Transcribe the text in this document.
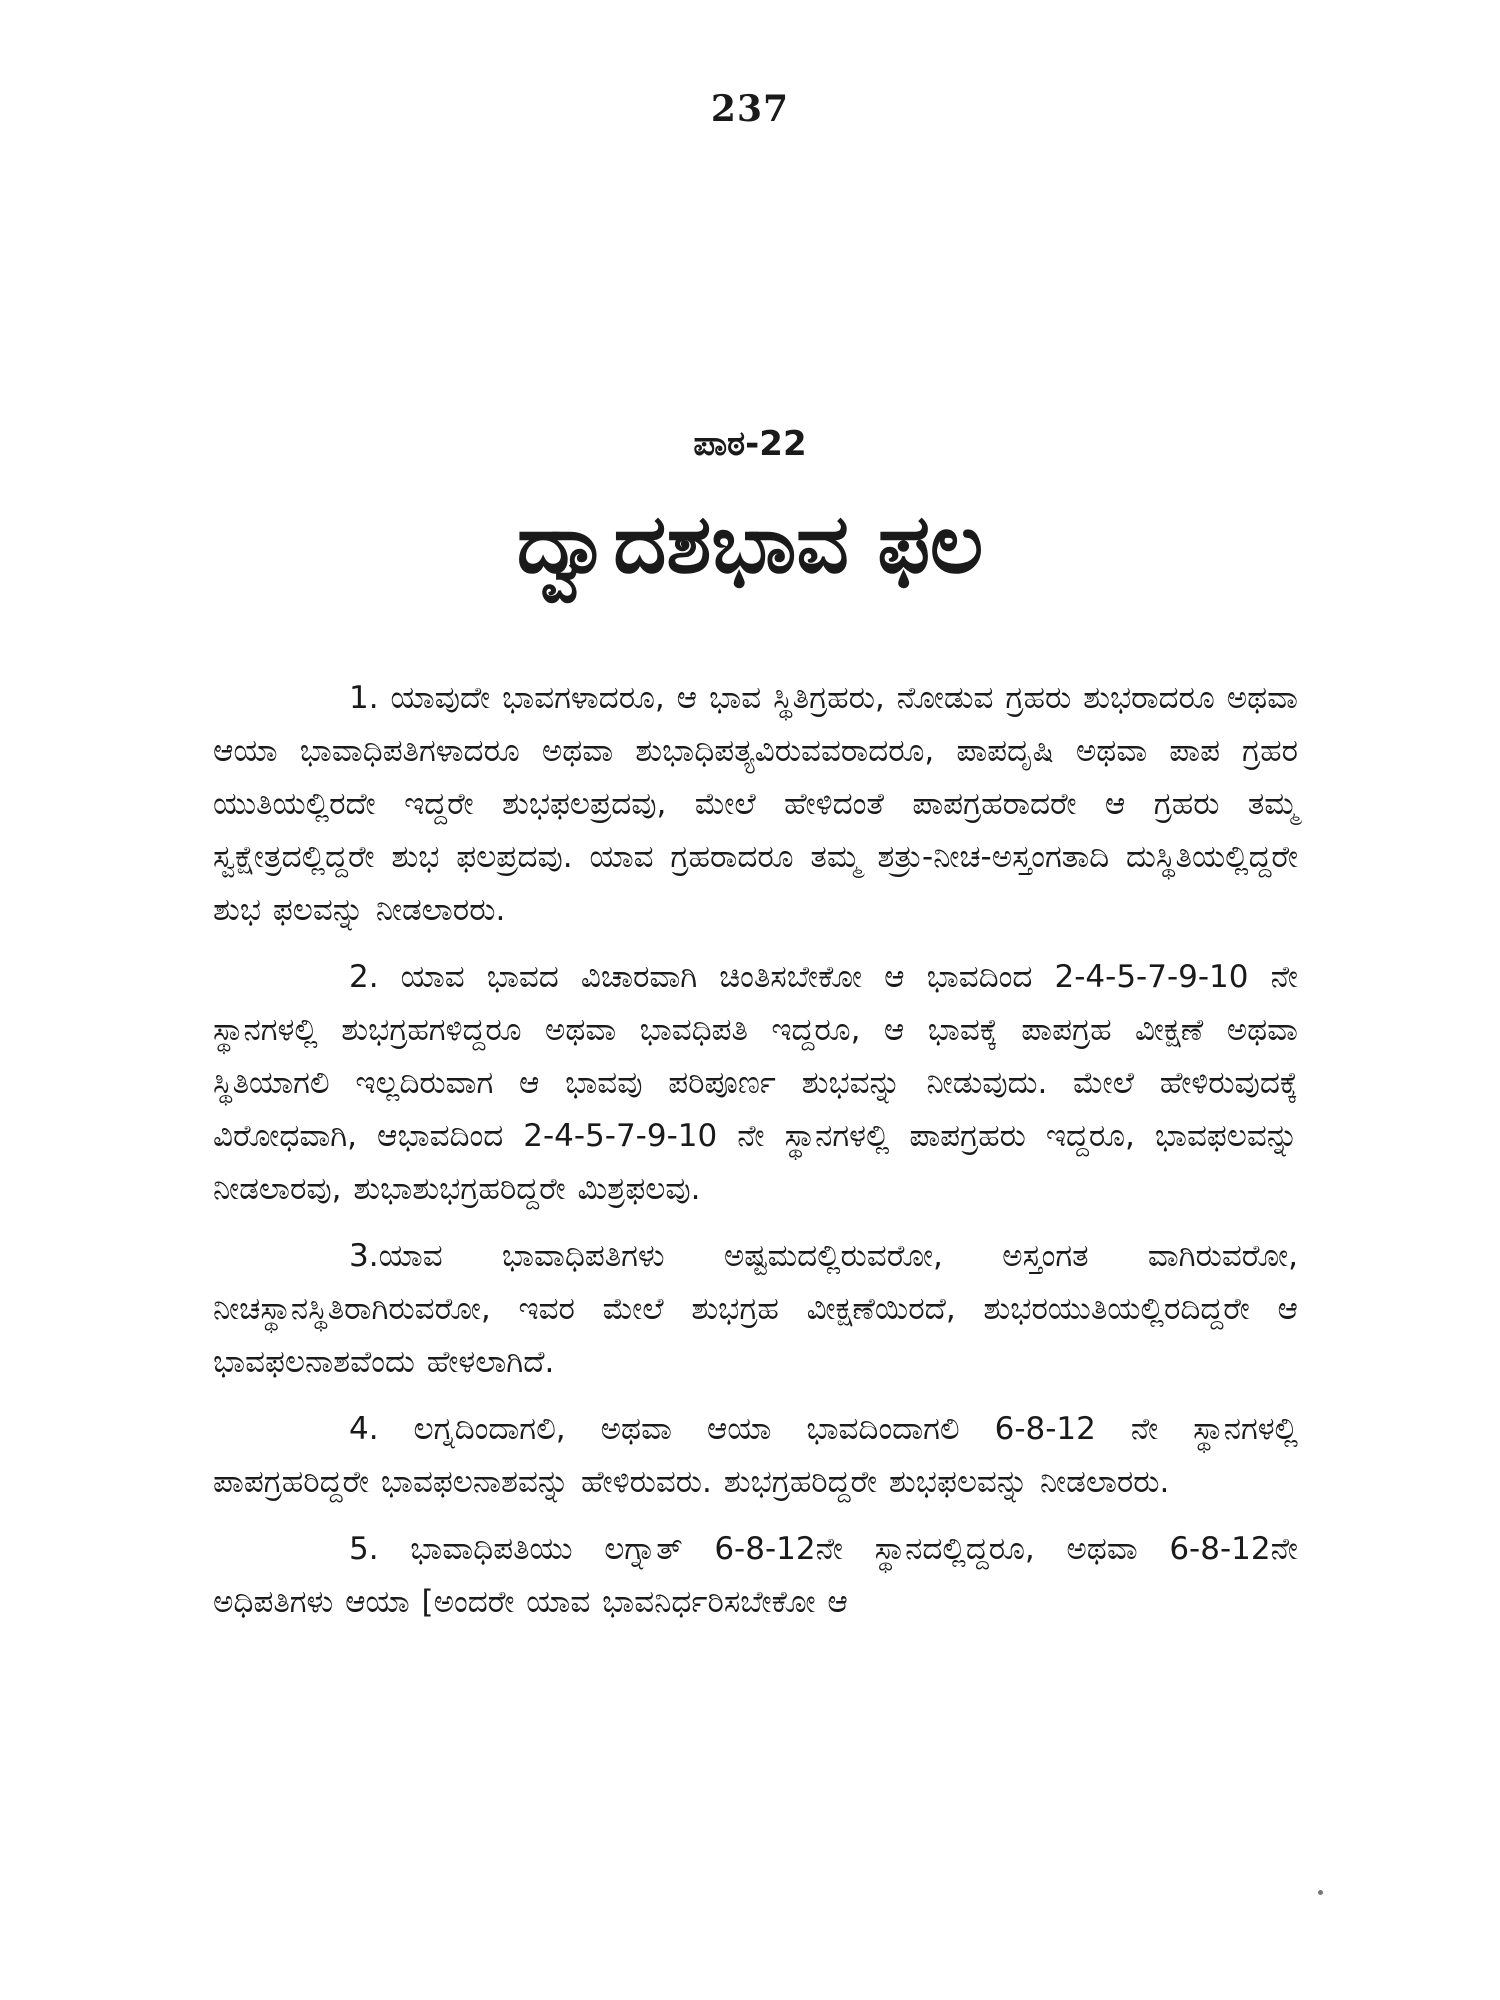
237
ಪಾಠ-22
ದ್ವಾದಶಭಾವ ಫಲ

1. ಯಾವುದೇ ಭಾವಗಳಾದರೂ, ಆ ಭಾವ ಸ್ಥಿತಿಗ್ರಹರು, ನೋಡುವ ಗ್ರಹರು ಶುಭರಾದರೂ ಅಥವಾ ಆಯಾ ಭಾವಾಧಿಪತಿಗಳಾದರೂ ಅಥವಾ ಶುಭಾಧಿಪತ್ಯವಿರುವವರಾದರೂ, ಪಾಪದೃಷಿ ಅಥವಾ ಪಾಪ ಗ್ರಹರ ಯುತಿಯಲ್ಲಿರದೇ ಇದ್ದರೇ ಶುಭಫಲಪ್ರದವು, ಮೇಲೆ ಹೇಳಿದಂತೆ ಪಾಪಗ್ರಹರಾದರೇ ಆ ಗ್ರಹರು ತಮ್ಮ ಸ್ವಕ್ಷೇತ್ರದಲ್ಲಿದ್ದರೇ ಶುಭ ಫಲಪ್ರದವು. ಯಾವ ಗ್ರಹರಾದರೂ ತಮ್ಮ ಶತ್ರು-ನೀಚ-ಅಸ್ತಂಗತಾದಿ ದುಸ್ಥಿತಿಯಲ್ಲಿದ್ದರೇ ಶುಭ ಫಲವನ್ನು ನೀಡಲಾರರು.

2. ಯಾವ ಭಾವದ ವಿಚಾರವಾಗಿ ಚಿಂತಿಸಬೇಕೋ ಆ ಭಾವದಿಂದ 2-4-5-7-9-10 ನೇ ಸ್ಥಾನಗಳಲ್ಲಿ ಶುಭಗ್ರಹಗಳಿದ್ದರೂ ಅಥವಾ ಭಾವಧಿಪತಿ ಇದ್ದರೂ, ಆ ಭಾವಕ್ಕೆ ಪಾಪಗ್ರಹ ವೀಕ್ಷಣೆ ಅಥವಾ ಸ್ಥಿತಿಯಾಗಲಿ ಇಲ್ಲದಿರುವಾಗ ಆ ಭಾವವು ಪರಿಪೂರ್ಣ ಶುಭವನ್ನು ನೀಡುವುದು. ಮೇಲೆ ಹೇಳಿರುವುದಕ್ಕೆ ವಿರೋಧವಾಗಿ, ಆಭಾವದಿಂದ 2-4-5-7-9-10 ನೇ ಸ್ಥಾನಗಳಲ್ಲಿ ಪಾಪಗ್ರಹರು ಇದ್ದರೂ, ಭಾವಫಲವನ್ನು ನೀಡಲಾರವು, ಶುಭಾಶುಭಗ್ರಹರಿದ್ದರೇ ಮಿಶ್ರಫಲವು.

3.ಯಾವ ಭಾವಾಧಿಪತಿಗಳು ಅಷ್ಟಮದಲ್ಲಿರುವರೋ, ಅಸ್ತಂಗತ ವಾಗಿರುವರೋ, ನೀಚಸ್ಥಾನಸ್ಥಿತಿರಾಗಿರುವರೋ, ಇವರ ಮೇಲೆ ಶುಭಗ್ರಹ ವೀಕ್ಷಣೆಯಿರದೆ, ಶುಭರಯುತಿಯಲ್ಲಿರದಿದ್ದರೇ ಆ ಭಾವಫಲನಾಶವೆಂದು ಹೇಳಲಾಗಿದೆ.

4. ಲಗ್ನದಿಂದಾಗಲಿ, ಅಥವಾ ಆಯಾ ಭಾವದಿಂದಾಗಲಿ 6-8-12 ನೇ ಸ್ಥಾನಗಳಲ್ಲಿ ಪಾಪಗ್ರಹರಿದ್ದರೇ ಭಾವಫಲನಾಶವನ್ನು ಹೇಳಿರುವರು. ಶುಭಗ್ರಹರಿದ್ದರೇ ಶುಭಫಲವನ್ನು ನೀಡಲಾರರು.

5. ಭಾವಾಧಿಪತಿಯು ಲಗ್ನಾತ್ 6-8-12ನೇ ಸ್ಥಾನದಲ್ಲಿದ್ದರೂ, ಅಥವಾ 6-8-12ನೇ ಅಧಿಪತಿಗಳು ಆಯಾ [ಅಂದರೇ ಯಾವ ಭಾವನಿರ್ಧರಿಸಬೇಕೋ ಆ
